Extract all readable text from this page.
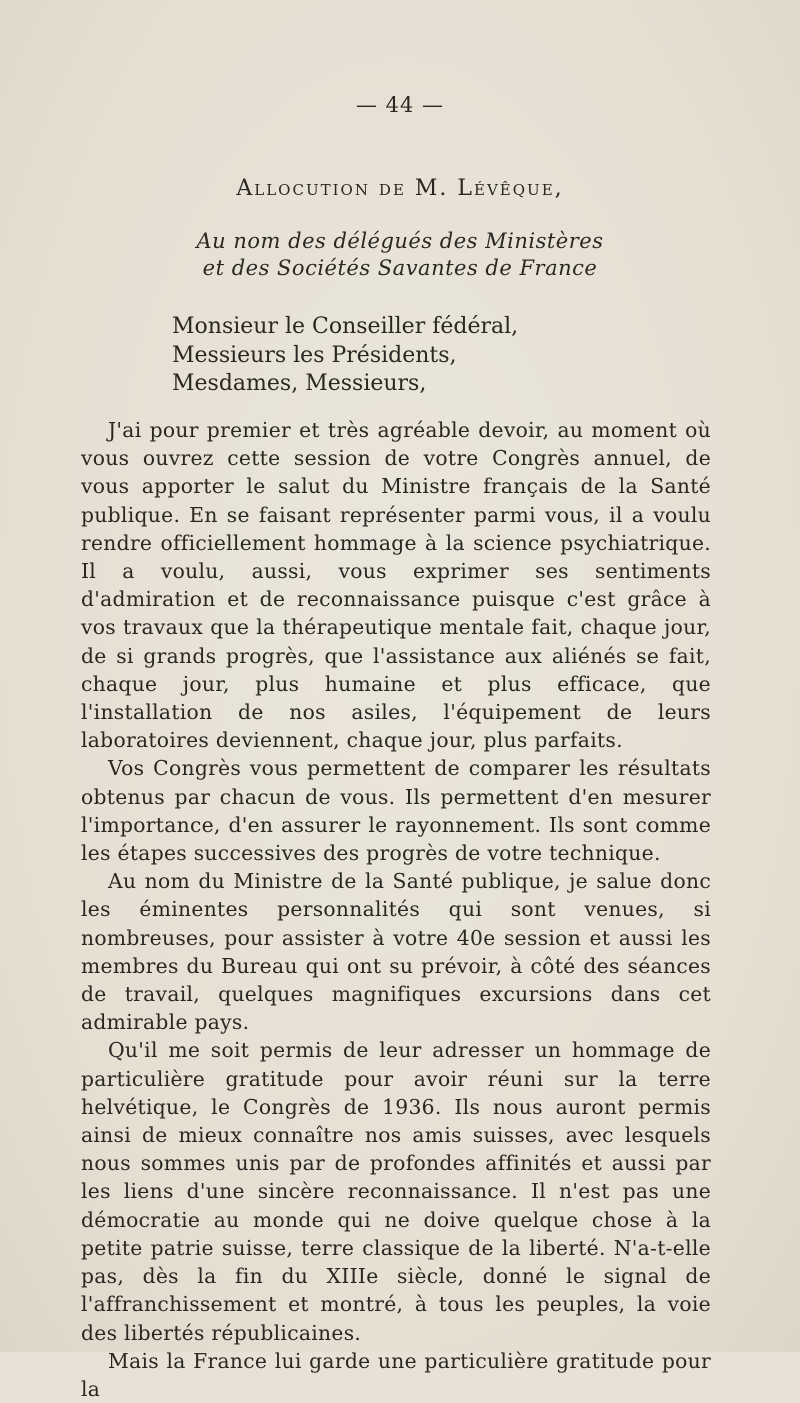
— 44 —
Allocution de M. Lévêque,
Au nom des délégués des Ministères
et des Sociétés Savantes de France
Monsieur le Conseiller fédéral,
Messieurs les Présidents,
Mesdames, Messieurs,

J'ai pour premier et très agréable devoir, au moment où vous ouvrez cette session de votre Congrès annuel, de vous apporter le salut du Ministre français de la Santé publique. En se faisant représenter parmi vous, il a voulu rendre officiellement hommage à la science psychiatrique. Il a voulu, aussi, vous exprimer ses sentiments d'admiration et de reconnaissance puisque c'est grâce à vos travaux que la thérapeutique mentale fait, chaque jour, de si grands progrès, que l'assistance aux aliénés se fait, chaque jour, plus humaine et plus efficace, que l'installation de nos asiles, l'équipement de leurs laboratoires deviennent, chaque jour, plus parfaits.

Vos Congrès vous permettent de comparer les résultats obtenus par chacun de vous. Ils permettent d'en mesurer l'importance, d'en assurer le rayonnement. Ils sont comme les étapes successives des progrès de votre technique.

Au nom du Ministre de la Santé publique, je salue donc les éminentes personnalités qui sont venues, si nombreuses, pour assister à votre 40e session et aussi les membres du Bureau qui ont su prévoir, à côté des séances de travail, quelques magnifiques excursions dans cet admirable pays.

Qu'il me soit permis de leur adresser un hommage de particulière gratitude pour avoir réuni sur la terre helvétique, le Congrès de 1936. Ils nous auront permis ainsi de mieux connaître nos amis suisses, avec lesquels nous sommes unis par de profondes affinités et aussi par les liens d'une sincère reconnaissance. Il n'est pas une démocratie au monde qui ne doive quelque chose à la petite patrie suisse, terre classique de la liberté. N'a-t-elle pas, dès la fin du XIIIe siècle, donné le signal de l'affranchissement et montré, à tous les peuples, la voie des libertés républicaines.

Mais la France lui garde une particulière gratitude pour la
